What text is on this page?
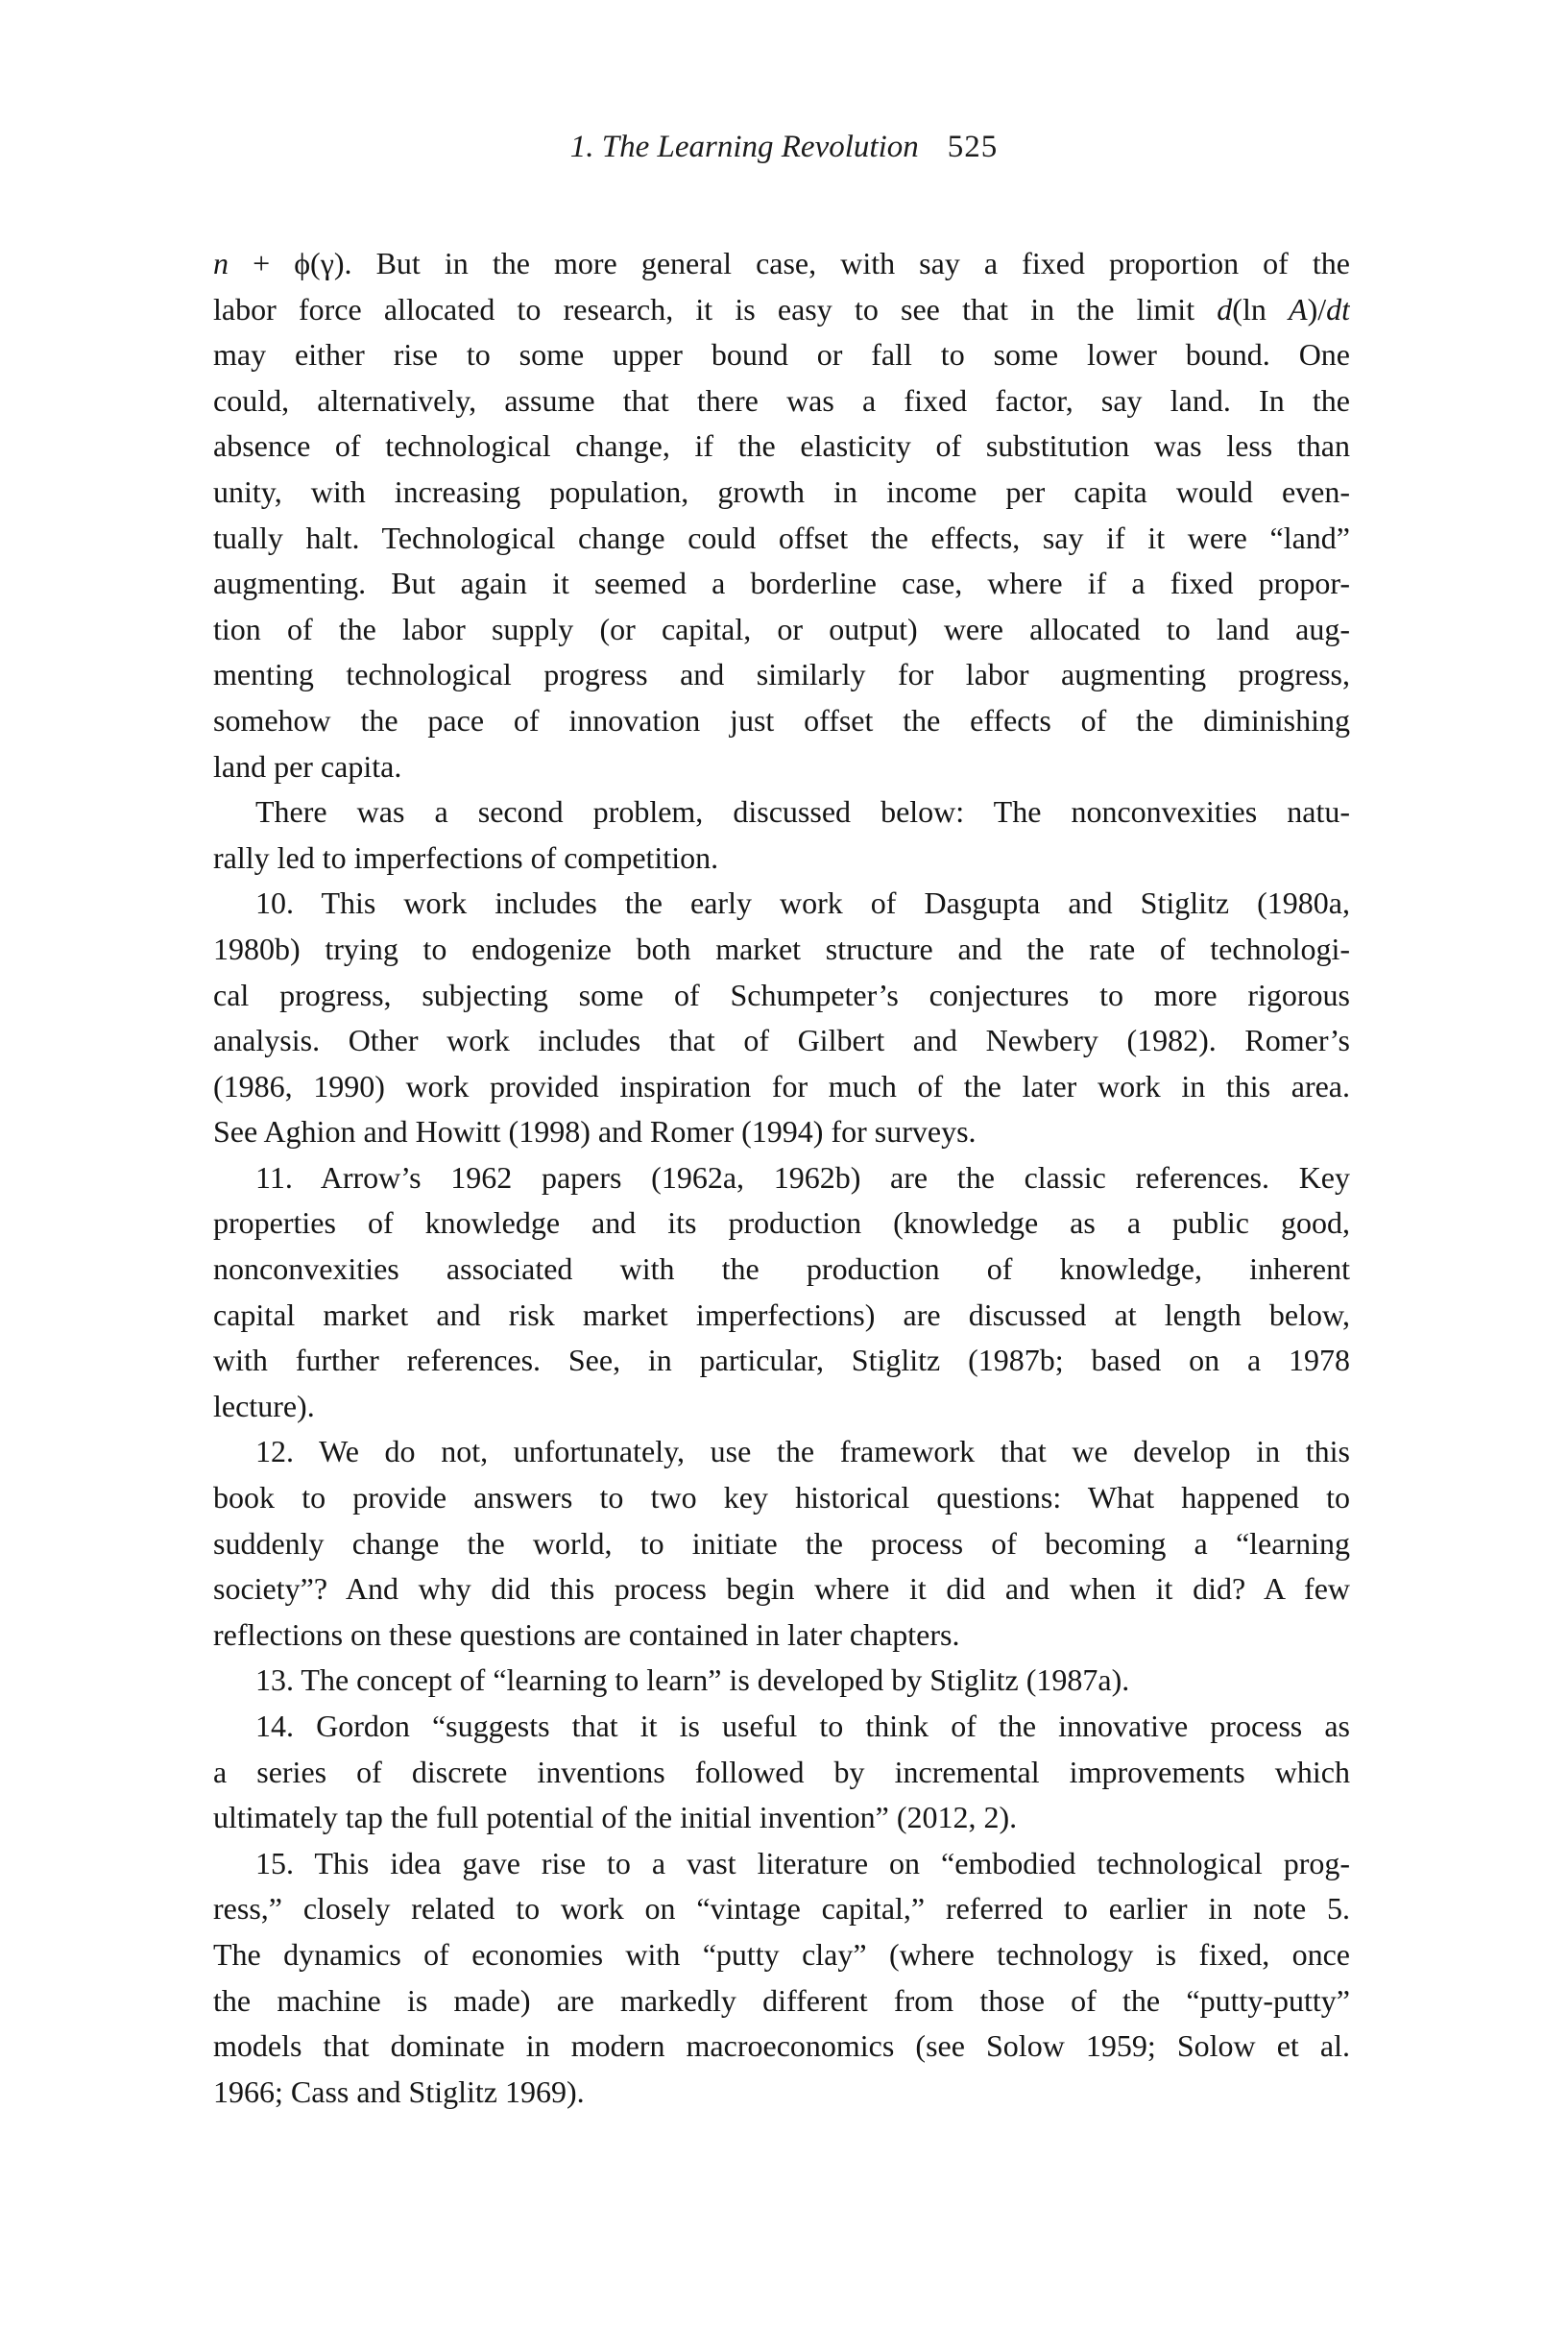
1. The Learning Revolution 525
n + ϕ(γ). But in the more general case, with say a fixed proportion of the
labor force allocated to research, it is easy to see that in the limit d(ln A)/dt
may either rise to some upper bound or fall to some lower bound. One
could, alternatively, assume that there was a fixed factor, say land. In the
absence of technological change, if the elasticity of substitution was less than
unity, with increasing population, growth in income per capita would even-
tually halt. Technological change could offset the effects, say if it were “land”
augmenting. But again it seemed a borderline case, where if a fixed propor-
tion of the labor supply (or capital, or output) were allocated to land aug-
menting technological progress and similarly for labor augmenting progress,
somehow the pace of innovation just offset the effects of the diminishing
land per capita.
There was a second problem, discussed below: The nonconvexities natu-
rally led to imperfections of competition.
10. This work includes the early work of Dasgupta and Stiglitz (1980a,
1980b) trying to endogenize both market structure and the rate of technologi-
cal progress, subjecting some of Schumpeter’s conjectures to more rigorous
analysis. Other work includes that of Gilbert and Newbery (1982). Romer’s
(1986, 1990) work provided inspiration for much of the later work in this area.
See Aghion and Howitt (1998) and Romer (1994) for surveys.
11. Arrow’s 1962 papers (1962a, 1962b) are the classic references. Key
properties of knowledge and its production (knowledge as a public good,
nonconvexities associated with the production of knowledge, inherent
capital market and risk market imperfections) are discussed at length below,
with further references. See, in particular, Stiglitz (1987b; based on a 1978
lecture).
12. We do not, unfortunately, use the framework that we develop in this
book to provide answers to two key historical questions: What happened to
suddenly change the world, to initiate the process of becoming a “learning
society”? And why did this process begin where it did and when it did? A few
reflections on these questions are contained in later chapters.
13. The concept of “learning to learn” is developed by Stiglitz (1987a).
14. Gordon “suggests that it is useful to think of the innovative process as
a series of discrete inventions followed by incremental improvements which
ultimately tap the full potential of the initial invention” (2012, 2).
15. This idea gave rise to a vast literature on “embodied technological prog-
ress,” closely related to work on “vintage capital,” referred to earlier in note 5.
The dynamics of economies with “putty clay” (where technology is fixed, once
the machine is made) are markedly different from those of the “putty-putty”
models that dominate in modern macroeconomics (see Solow 1959; Solow et al.
1966; Cass and Stiglitz 1969).
